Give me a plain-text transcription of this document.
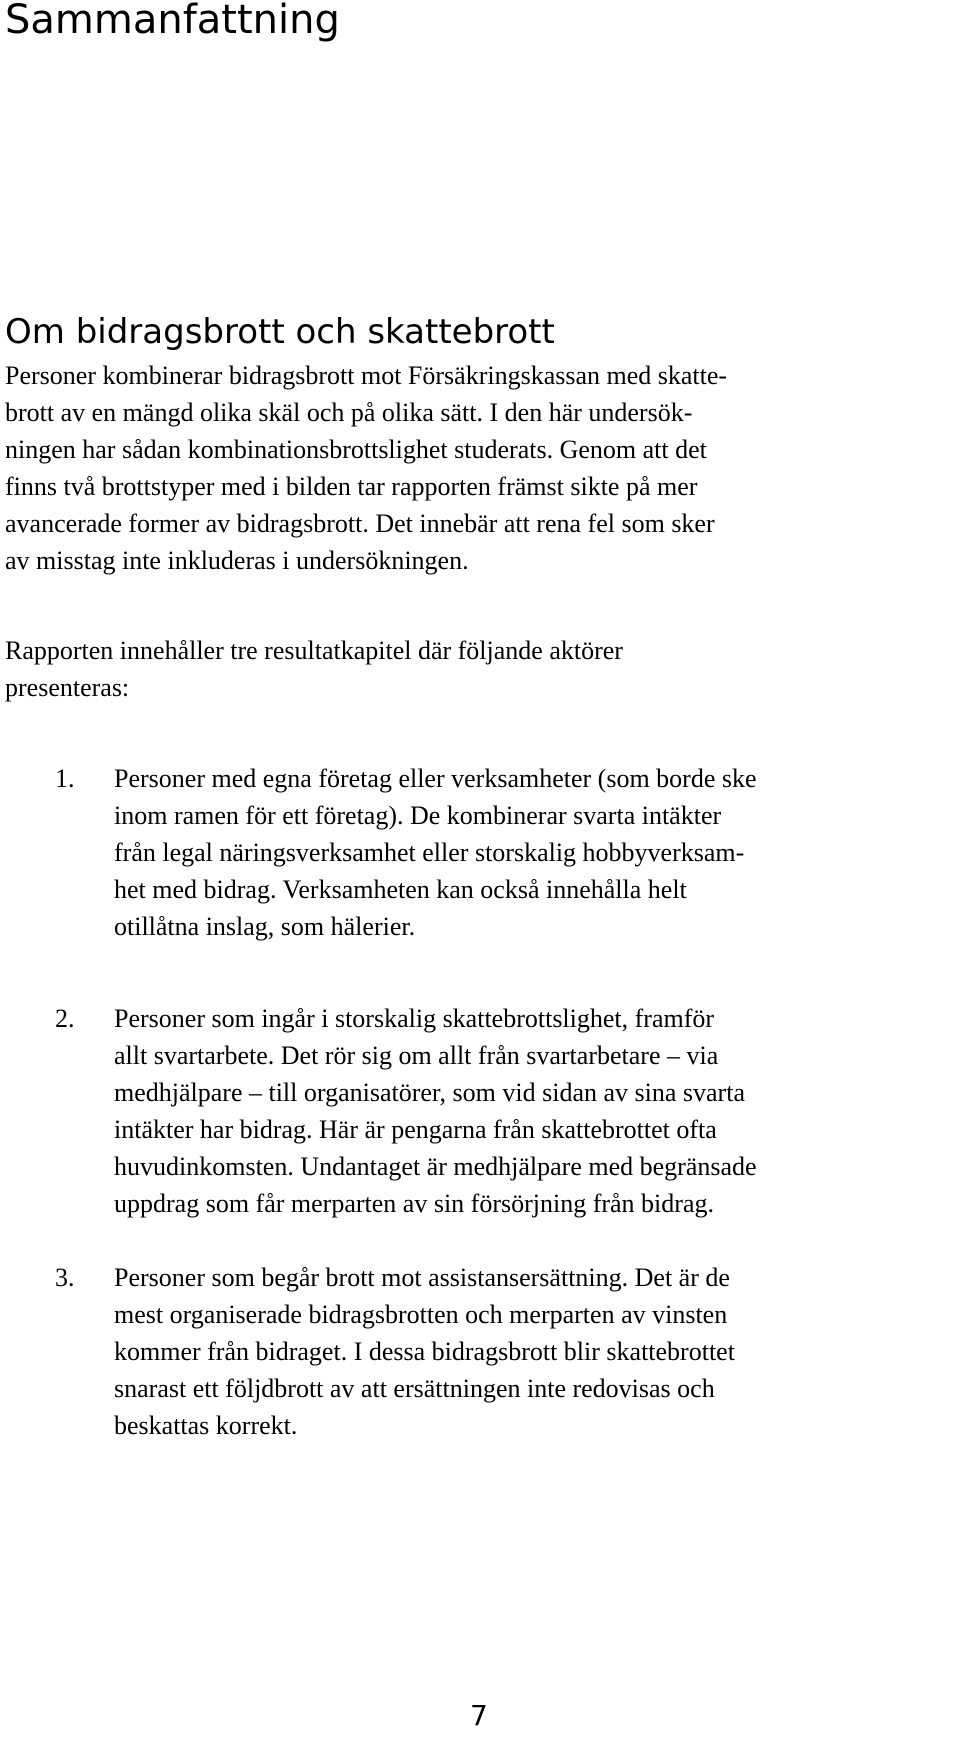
Sammanfattning
Om bidragsbrott och skattebrott

Personer kombinerar bidragsbrott mot Försäkringskassan med skatte-
brott av en mängd olika skäl och på olika sätt. I den här undersök-
ningen har sådan kombinationsbrottslighet studerats. Genom att det
finns två brottstyper med i bilden tar rapporten främst sikte på mer
avancerade former av bidragsbrott. Det innebär att rena fel som sker
av misstag inte inkluderas i undersökningen.

Rapporten innehåller tre resultatkapitel där följande aktörer
presenteras:

1. Personer med egna företag eller verksamheter (som borde ske
inom ramen för ett företag). De kombinerar svarta intäkter
från legal näringsverksamhet eller storskalig hobbyverksam-
het med bidrag. Verksamheten kan också innehålla helt
otillåtna inslag, som hälerier.
2. Personer som ingår i storskalig skattebrottslighet, framför
allt svartarbete. Det rör sig om allt från svartarbetare – via
medhjälpare – till organisatörer, som vid sidan av sina svarta
intäkter har bidrag. Här är pengarna från skattebrottet ofta
huvudinkomsten. Undantaget är medhjälpare med begränsade
uppdrag som får merparten av sin försörjning från bidrag.
3. Personer som begår brott mot assistansersättning. Det är de
mest organiserade bidragsbrotten och merparten av vinsten
kommer från bidraget. I dessa bidragsbrott blir skattebrottet
snarast ett följdbrott av att ersättningen inte redovisas och
beskattas korrekt.
7
